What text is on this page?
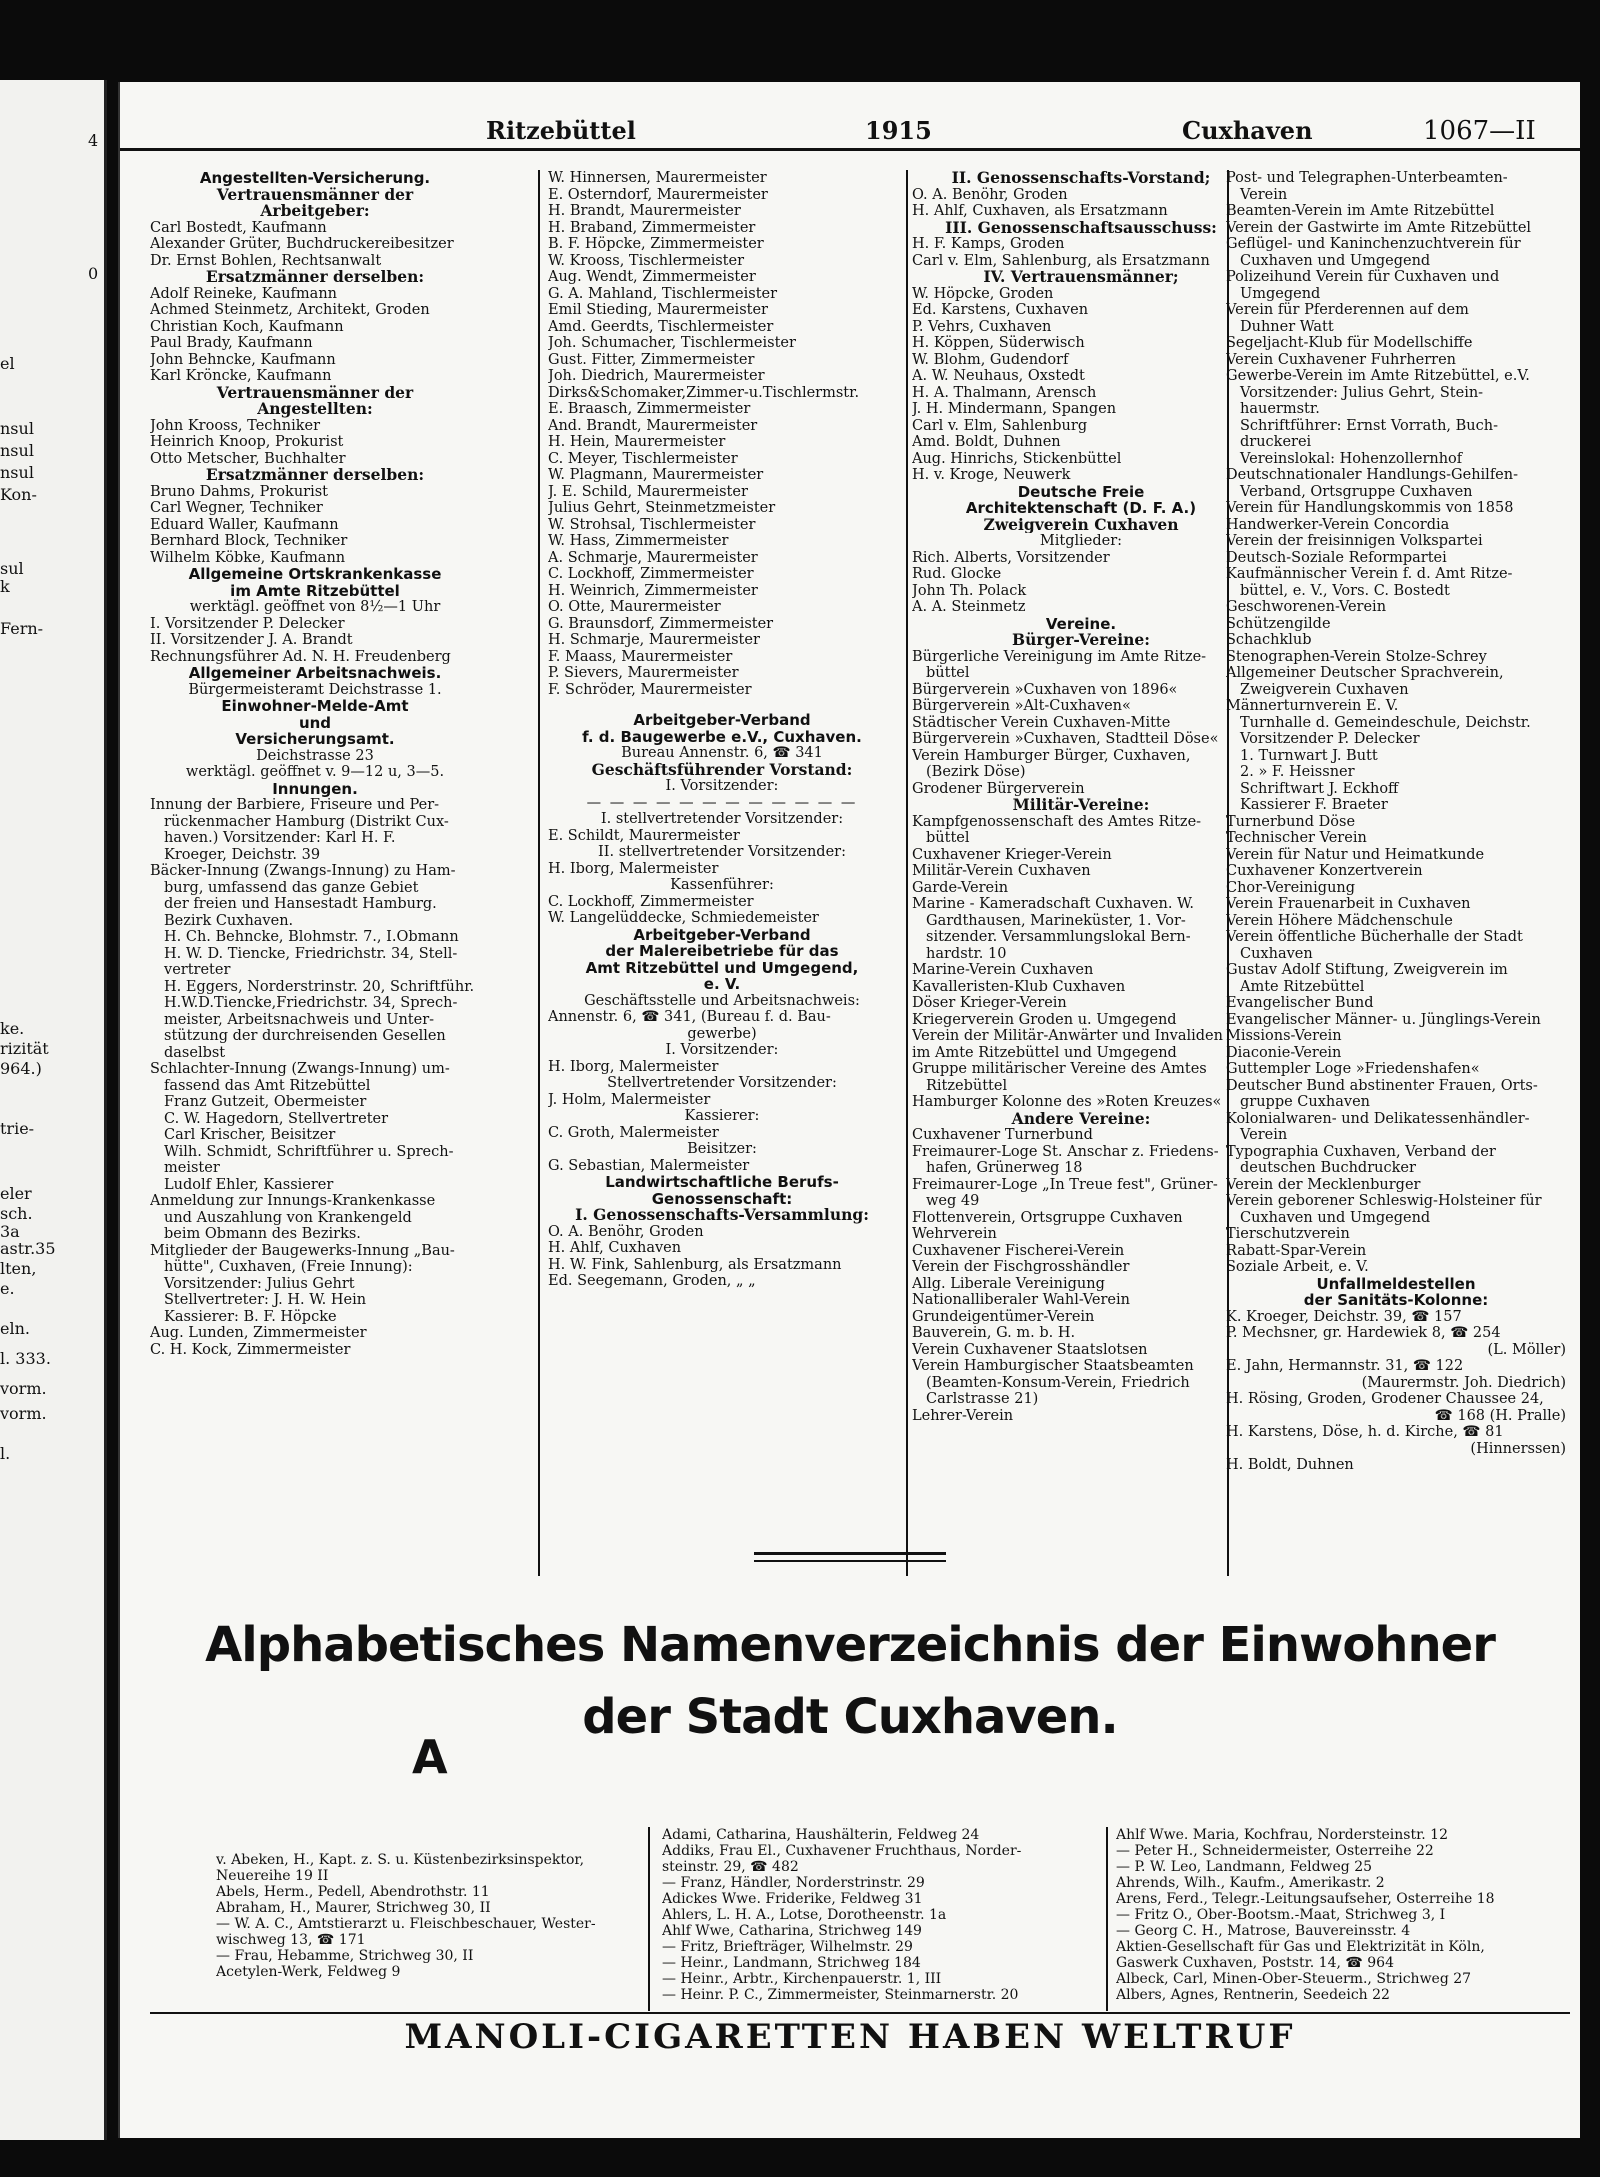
4
0
el
nsul
nsul
nsul
Kon-
sul
k
Fern-
ke.
rizität
964.)
trie-
eler
sch.
3a
astr.35
lten,
e.
eln.
l. 333.
vorm.
vorm.
l.
Ritzebüttel	1915	Cuxhaven	1067—II
Angestellten-Versicherung.
Vertrauensmänner der
Arbeitgeber:
Carl Bostedt, Kaufmann
Alexander Grüter, Buchdruckereibesitzer
Dr. Ernst Bohlen, Rechtsanwalt
Ersatzmänner derselben:
Adolf Reineke, Kaufmann
Achmed Steinmetz, Architekt, Groden
Christian Koch, Kaufmann
Paul Brady, Kaufmann
John Behncke, Kaufmann
Karl Kröncke, Kaufmann
Vertrauensmänner der
Angestellten:
John Krooss, Techniker
Heinrich Knoop, Prokurist
Otto Metscher, Buchhalter
Ersatzmänner derselben:
Bruno Dahms, Prokurist
Carl Wegner, Techniker
Eduard Waller, Kaufmann
Bernhard Block, Techniker
Wilhelm Köbke, Kaufmann
Allgemeine Ortskrankenkasse
im Amte Ritzebüttel
werktägl. geöffnet von 8½—1 Uhr
I. Vorsitzender P. Delecker
II. Vorsitzender J. A. Brandt
Rechnungsführer Ad. N. H. Freudenberg
Allgemeiner Arbeitsnachweis.
Bürgermeisteramt Deichstrasse 1.
Einwohner-Melde-Amt
und
Versicherungsamt.
Deichstrasse 23
werktägl. geöffnet v. 9—12 u, 3—5.
Innungen.
Innung der Barbiere, Friseure und Per-
rückenmacher Hamburg (Distrikt Cux-
haven.) Vorsitzender: Karl H. F.
Kroeger, Deichstr. 39
Bäcker-Innung (Zwangs-Innung) zu Ham-
burg, umfassend das ganze Gebiet
der freien und Hansestadt Hamburg.
Bezirk Cuxhaven.
H. Ch. Behncke, Blohmstr. 7., I.Obmann
H. W. D. Tiencke, Friedrichstr. 34, Stell-
vertreter
H. Eggers, Norderstrinstr. 20, Schriftführ.
H.W.D.Tiencke,Friedrichstr. 34, Sprech-
meister, Arbeitsnachweis und Unter-
stützung der durchreisenden Gesellen
daselbst
Schlachter-Innung (Zwangs-Innung) um-
fassend das Amt Ritzebüttel
Franz Gutzeit, Obermeister
C. W. Hagedorn, Stellvertreter
Carl Krischer, Beisitzer
Wilh. Schmidt, Schriftführer u. Sprech-
meister
Ludolf Ehler, Kassierer
Anmeldung zur Innungs-Krankenkasse
und Auszahlung von Krankengeld
beim Obmann des Bezirks.
Mitglieder der Baugewerks-Innung „Bau-
hütte", Cuxhaven, (Freie Innung):
Vorsitzender: Julius Gehrt
Stellvertreter: J. H. W. Hein
Kassierer: B. F. Höpcke
Aug. Lunden, Zimmermeister
C. H. Kock, Zimmermeister
W. Hinnersen, Maurermeister
E. Osterndorf, Maurermeister
H. Brandt, Maurermeister
H. Braband, Zimmermeister
B. F. Höpcke, Zimmermeister
W. Krooss, Tischlermeister
Aug. Wendt, Zimmermeister
G. A. Mahland, Tischlermeister
Emil Stieding, Maurermeister
Amd. Geerdts, Tischlermeister
Joh. Schumacher, Tischlermeister
Gust. Fitter, Zimmermeister
Joh. Diedrich, Maurermeister
Dirks&Schomaker,Zimmer-u.Tischlermstr.
E. Braasch, Zimmermeister
And. Brandt, Maurermeister
H. Hein, Maurermeister
C. Meyer, Tischlermeister
W. Plagmann, Maurermeister
J. E. Schild, Maurermeister
Julius Gehrt, Steinmetzmeister
W. Strohsal, Tischlermeister
W. Hass, Zimmermeister
A. Schmarje, Maurermeister
C. Lockhoff, Zimmermeister
H. Weinrich, Zimmermeister
O. Otte, Maurermeister
G. Braunsdorf, Zimmermeister
H. Schmarje, Maurermeister
F. Maass, Maurermeister
P. Sievers, Maurermeister
F. Schröder, Maurermeister
Arbeitgeber-Verband
f. d. Baugewerbe e.V., Cuxhaven.
Bureau Annenstr. 6, ☎ 341
Geschäftsführender Vorstand:
I. Vorsitzender:
— — — — — — — — — — — —
I. stellvertretender Vorsitzender:
E. Schildt, Maurermeister
II. stellvertretender Vorsitzender:
H. Iborg, Malermeister
Kassenführer:
C. Lockhoff, Zimmermeister
W. Langelüddecke, Schmiedemeister
Arbeitgeber-Verband
der Malereibetriebe für das
Amt Ritzebüttel und Umgegend,
e. V.
Geschäftsstelle und Arbeitsnachweis:
Annenstr. 6, ☎ 341, (Bureau f. d. Bau-
gewerbe)
I. Vorsitzender:
H. Iborg, Malermeister
Stellvertretender Vorsitzender:
J. Holm, Malermeister
Kassierer:
C. Groth, Malermeister
Beisitzer:
G. Sebastian, Malermeister
Landwirtschaftliche Berufs-
Genossenschaft:
I. Genossenschafts-Versammlung:
O. A. Benöhr, Groden
H. Ahlf, Cuxhaven
H. W. Fink, Sahlenburg, als Ersatzmann
Ed. Seegemann, Groden, „ „
II. Genossenschafts-Vorstand;
O. A. Benöhr, Groden
H. Ahlf, Cuxhaven, als Ersatzmann
III. Genossenschaftsausschuss:
H. F. Kamps, Groden
Carl v. Elm, Sahlenburg, als Ersatzmann
IV. Vertrauensmänner;
W. Höpcke, Groden
Ed. Karstens, Cuxhaven
P. Vehrs, Cuxhaven
H. Köppen, Süderwisch
W. Blohm, Gudendorf
A. W. Neuhaus, Oxstedt
H. A. Thalmann, Arensch
J. H. Mindermann, Spangen
Carl v. Elm, Sahlenburg
Amd. Boldt, Duhnen
Aug. Hinrichs, Stickenbüttel
H. v. Kroge, Neuwerk
Deutsche Freie
Architektenschaft (D. F. A.)
Zweigverein Cuxhaven
Mitglieder:
Rich. Alberts, Vorsitzender
Rud. Glocke
John Th. Polack
A. A. Steinmetz
Vereine.
Bürger-Vereine:
Bürgerliche Vereinigung im Amte Ritze-
büttel
Bürgerverein »Cuxhaven von 1896«
Bürgerverein »Alt-Cuxhaven«
Städtischer Verein Cuxhaven-Mitte
Bürgerverein »Cuxhaven, Stadtteil Döse«
Verein Hamburger Bürger, Cuxhaven,
(Bezirk Döse)
Grodener Bürgerverein
Militär-Vereine:
Kampfgenossenschaft des Amtes Ritze-
büttel
Cuxhavener Krieger-Verein
Militär-Verein Cuxhaven
Garde-Verein
Marine - Kameradschaft Cuxhaven. W.
Gardthausen, Marineküster, 1. Vor-
sitzender. Versammlungslokal Bern-
hardstr. 10
Marine-Verein Cuxhaven
Kavalleristen-Klub Cuxhaven
Döser Krieger-Verein
Kriegerverein Groden u. Umgegend
Verein der Militär-Anwärter und Invaliden
im Amte Ritzebüttel und Umgegend
Gruppe militärischer Vereine des Amtes
Ritzebüttel
Hamburger Kolonne des »Roten Kreuzes«
Andere Vereine:
Cuxhavener Turnerbund
Freimaurer-Loge St. Anschar z. Friedens-
hafen, Grünerweg 18
Freimaurer-Loge „In Treue fest", Grüner-
weg 49
Flottenverein, Ortsgruppe Cuxhaven
Wehrverein
Cuxhavener Fischerei-Verein
Verein der Fischgrosshändler
Allg. Liberale Vereinigung
Nationalliberaler Wahl-Verein
Grundeigentümer-Verein
Bauverein, G. m. b. H.
Verein Cuxhavener Staatslotsen
Verein Hamburgischer Staatsbeamten
(Beamten-Konsum-Verein, Friedrich
Carlstrasse 21)
Lehrer-Verein
Post- und Telegraphen-Unterbeamten-
Verein
Beamten-Verein im Amte Ritzebüttel
Verein der Gastwirte im Amte Ritzebüttel
Geflügel- und Kaninchenzuchtverein für
Cuxhaven und Umgegend
Polizeihund Verein für Cuxhaven und
Umgegend
Verein für Pferderennen auf dem
Duhner Watt
Segeljacht-Klub für Modellschiffe
Verein Cuxhavener Fuhrherren
Gewerbe-Verein im Amte Ritzebüttel, e.V.
Vorsitzender: Julius Gehrt, Stein-
hauermstr.
Schriftführer: Ernst Vorrath, Buch-
druckerei
Vereinslokal: Hohenzollernhof
Deutschnationaler Handlungs-Gehilfen-
Verband, Ortsgruppe Cuxhaven
Verein für Handlungskommis von 1858
Handwerker-Verein Concordia
Verein der freisinnigen Volkspartei
Deutsch-Soziale Reformpartei
Kaufmännischer Verein f. d. Amt Ritze-
büttel, e. V., Vors. C. Bostedt
Geschworenen-Verein
Schützengilde
Schachklub
Stenographen-Verein Stolze-Schrey
Allgemeiner Deutscher Sprachverein,
Zweigverein Cuxhaven
Männerturnverein E. V.
Turnhalle d. Gemeindeschule, Deichstr.
Vorsitzender P. Delecker
1. Turnwart J. Butt
2. » F. Heissner
Schriftwart J. Eckhoff
Kassierer F. Braeter
Turnerbund Döse
Technischer Verein
Verein für Natur und Heimatkunde
Cuxhavener Konzertverein
Chor-Vereinigung
Verein Frauenarbeit in Cuxhaven
Verein Höhere Mädchenschule
Verein öffentliche Bücherhalle der Stadt
Cuxhaven
Gustav Adolf Stiftung, Zweigverein im
Amte Ritzebüttel
Evangelischer Bund
Evangelischer Männer- u. Jünglings-Verein
Missions-Verein
Diaconie-Verein
Guttempler Loge »Friedenshafen«
Deutscher Bund abstinenter Frauen, Orts-
gruppe Cuxhaven
Kolonialwaren- und Delikatessenhändler-
Verein
Typographia Cuxhaven, Verband der
deutschen Buchdrucker
Verein der Mecklenburger
Verein geborener Schleswig-Holsteiner für
Cuxhaven und Umgegend
Tierschutzverein
Rabatt-Spar-Verein
Soziale Arbeit, e. V.
Unfallmeldestellen
der Sanitäts-Kolonne:
K. Kroeger, Deichstr. 39, ☎ 157
P. Mechsner, gr. Hardewiek 8, ☎ 254
(L. Möller)
E. Jahn, Hermannstr. 31, ☎ 122
(Maurermstr. Joh. Diedrich)
H. Rösing, Groden, Grodener Chaussee 24,
☎ 168 (H. Pralle)
H. Karstens, Döse, h. d. Kirche, ☎ 81
(Hinnerssen)
H. Boldt, Duhnen
Alphabetisches Namenverzeichnis der Einwohner
der Stadt Cuxhaven.
A
v. Abeken, H., Kapt. z. S. u. Küstenbezirksinspektor,
Neuereihe 19 II
Abels, Herm., Pedell, Abendrothstr. 11
Abraham, H., Maurer, Strichweg 30, II
— W. A. C., Amtstierarzt u. Fleischbeschauer, Wester-
wischweg 13, ☎ 171
— Frau, Hebamme, Strichweg 30, II
Acetylen-Werk, Feldweg 9
Adami, Catharina, Haushälterin, Feldweg 24
Addiks, Frau El., Cuxhavener Fruchthaus, Norder-
steinstr. 29, ☎ 482
— Franz, Händler, Norderstrinstr. 29
Adickes Wwe. Friderike, Feldweg 31
Ahlers, L. H. A., Lotse, Dorotheenstr. 1a
Ahlf Wwe, Catharina, Strichweg 149
— Fritz, Briefträger, Wilhelmstr. 29
— Heinr., Landmann, Strichweg 184
— Heinr., Arbtr., Kirchenpauerstr. 1, III
— Heinr. P. C., Zimmermeister, Steinmarnerstr. 20
Ahlf Wwe. Maria, Kochfrau, Nordersteinstr. 12
— Peter H., Schneidermeister, Osterreihe 22
— P. W. Leo, Landmann, Feldweg 25
Ahrends, Wilh., Kaufm., Amerikastr. 2
Arens, Ferd., Telegr.-Leitungsaufseher, Osterreihe 18
— Fritz O., Ober-Bootsm.-Maat, Strichweg 3, I
— Georg C. H., Matrose, Bauvereinsstr. 4
Aktien-Gesellschaft für Gas und Elektrizität in Köln,
Gaswerk Cuxhaven, Poststr. 14, ☎ 964
Albeck, Carl, Minen-Ober-Steuerm., Strichweg 27
Albers, Agnes, Rentnerin, Seedeich 22
MANOLI-CIGARETTEN HABEN WELTRUF
